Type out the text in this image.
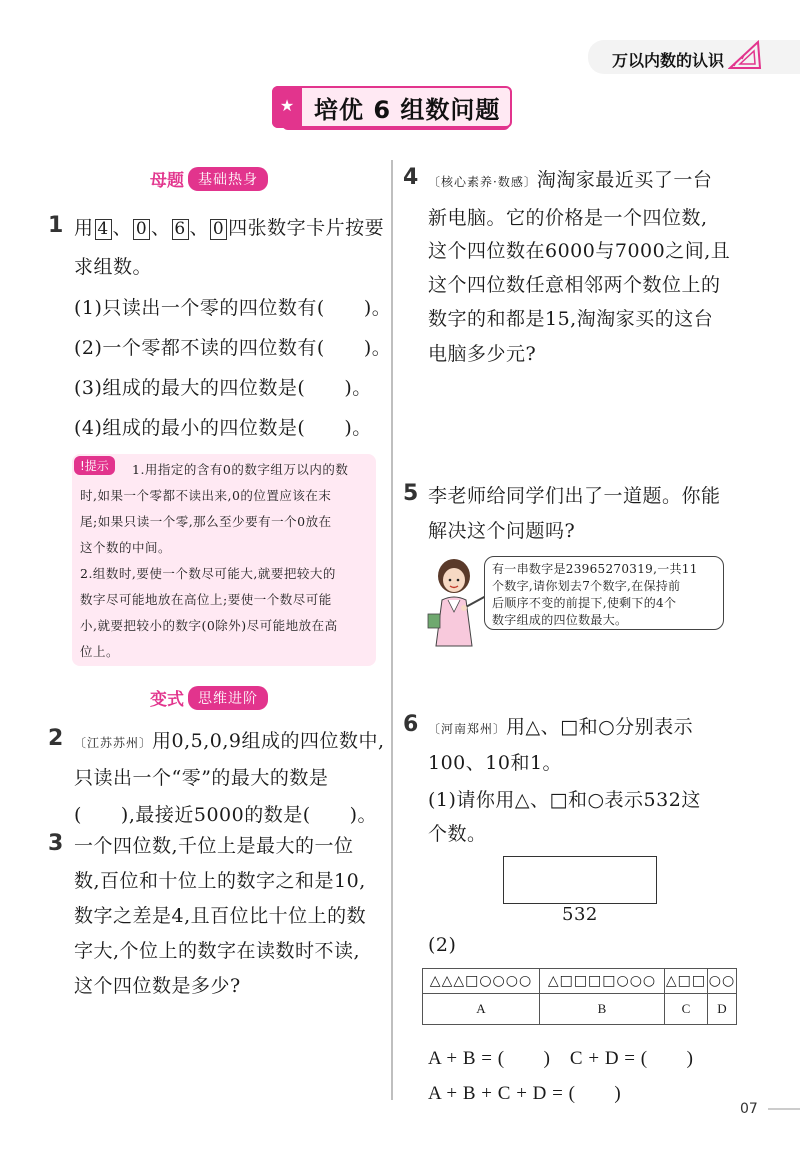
万以内数的认识
★ 培优 6 组数问题
母题 基础热身
1 用 4 、 0 、 6 、 0 四张数字卡片按要
求组数。
(1)只读出一个零的四位数有(　　)。
(2)一个零都不读的四位数有(　　)。
(3)组成的最大的四位数是(　　)。
(4)组成的最小的四位数是(　　)。
!提示	1.用指定的含有0的数字组万以内的数
时,如果一个零都不读出来,0的位置应该在末
尾;如果只读一个零,那么至少要有一个0放在
这个数的中间。
2.组数时,要使一个数尽可能大,就要把较大的
数字尽可能地放在高位上;要使一个数尽可能
小,就要把较小的数字(0除外)尽可能地放在高
位上。
变式 思维进阶
2 〔江苏苏州〕用0,5,0,9组成的四位数中,
只读出一个“零”的最大的数是
(　　),最接近5000的数是(　　)。
3 一个四位数,千位上是最大的一位
数,百位和十位上的数字之和是10,
数字之差是4,且百位比十位上的数
字大,个位上的数字在读数时不读,
这个四位数是多少?
4 〔核心素养·数感〕淘淘家最近买了一台
新电脑。它的价格是一个四位数,
这个四位数在6000与7000之间,且
这个四位数任意相邻两个数位上的
数字的和都是15,淘淘家买的这台
电脑多少元?
5 李老师给同学们出了一道题。你能
解决这个问题吗?
有一串数字是23965270319,一共11
个数字,请你划去7个数字,在保持前
后顺序不变的前提下,使剩下的4个
数字组成的四位数最大。
6 〔河南郑州〕用△、□和○分别表示
100、10和1。
(1)请你用△、□和○表示532这
个数。
532
(2)
△△△□○○○○	△□□□□○○○	△□□	○○
A	B	C	D
A + B = (　　)　C + D = (　　)
A + B + C + D = (　　)
07
